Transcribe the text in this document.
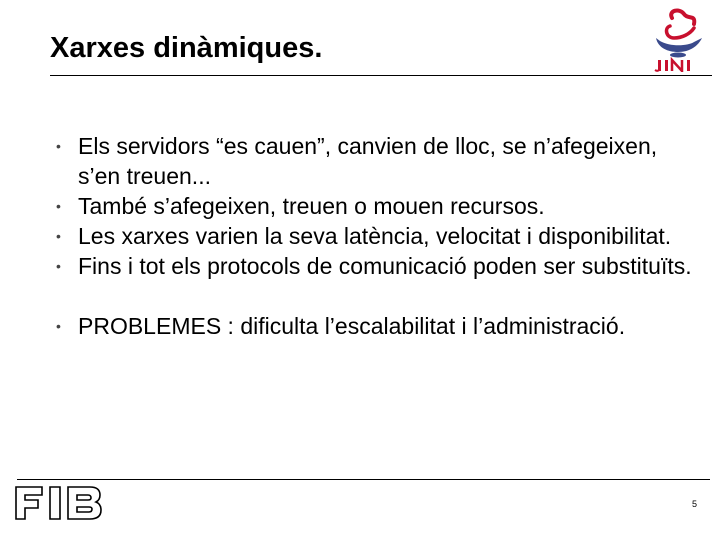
Xarxes dinàmiques.
• Els servidors “es cauen”, canvien de lloc, se n’afegeixen, s’en treuen...
• També s’afegeixen, treuen o mouen recursos.
• Les xarxes varien la seva latència, velocitat i disponibilitat.
• Fins i tot els protocols de comunicació poden ser substituïts.
• PROBLEMES : dificulta l’escalabilitat i l’administració.
5
